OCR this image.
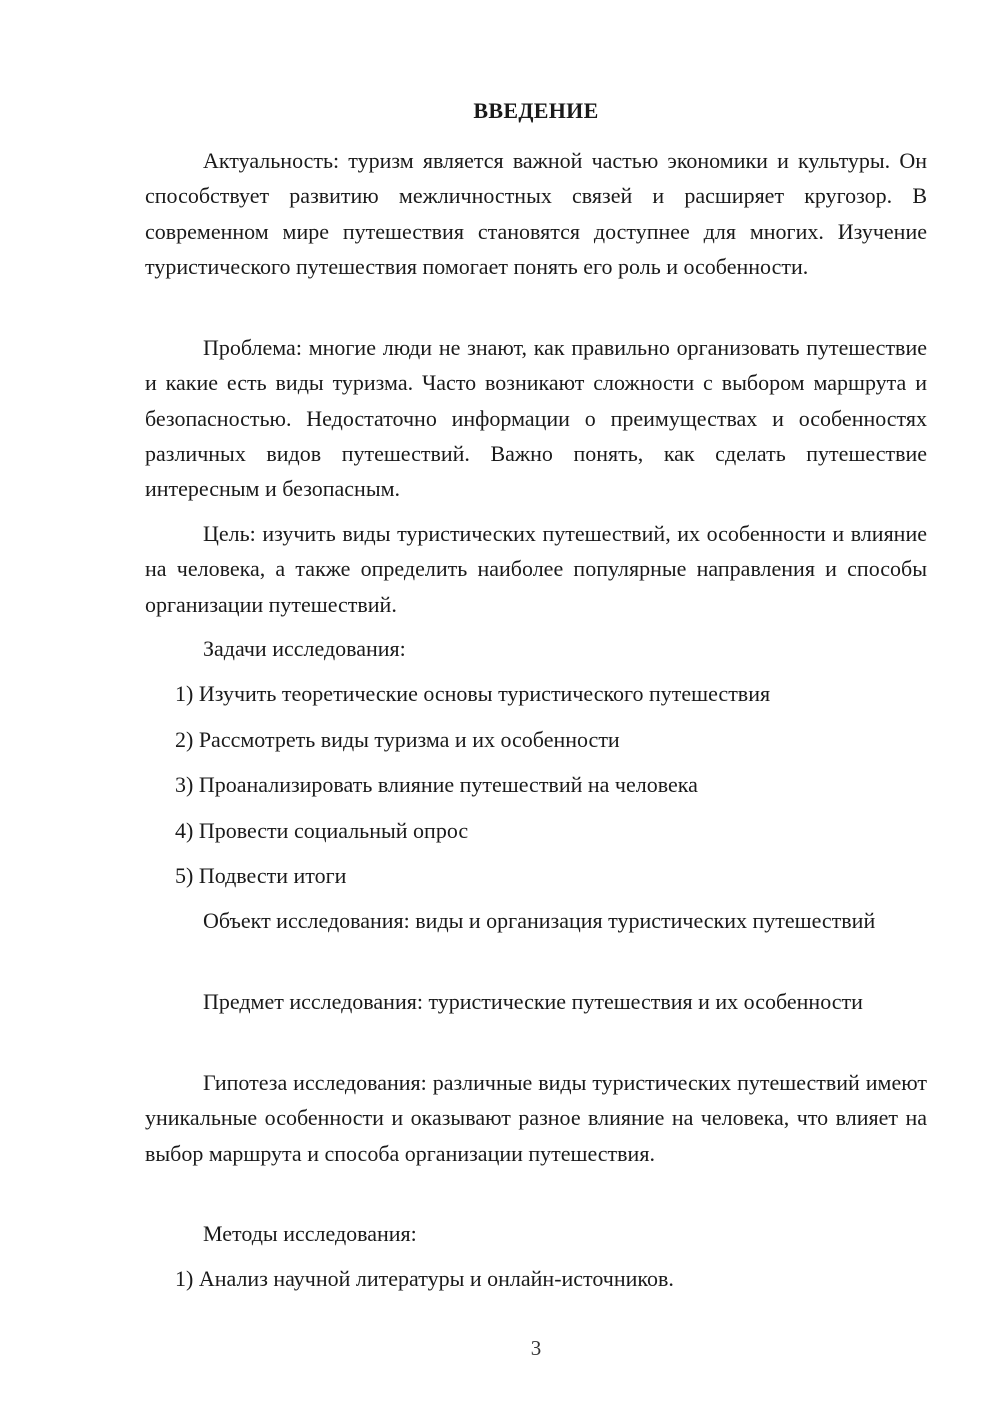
ВВЕДЕНИЕ

Актуальность: туризм является важной частью экономики и культуры. Он способствует развитию межличностных связей и расширяет кругозор. В современном мире путешествия становятся доступнее для многих. Изучение туристического путешествия помогает понять его роль и особенности.

Проблема: многие люди не знают, как правильно организовать путешествие и какие есть виды туризма. Часто возникают сложности с выбором маршрута и безопасностью. Недостаточно информации о преимуществах и особенностях различных видов путешествий. Важно понять, как сделать путешествие интересным и безопасным.

Цель: изучить виды туристических путешествий, их особенности и влияние на человека, а также определить наиболее популярные направления и способы организации путешествий.

Задачи исследования:

1) Изучить теоретические основы туристического путешествия

2) Рассмотреть виды туризма и их особенности

3) Проанализировать влияние путешествий на человека

4) Провести социальный опрос

5) Подвести итоги

Объект исследования: виды и организация туристических путешествий

Предмет исследования: туристические путешествия и их особенности

Гипотеза исследования: различные виды туристических путешествий имеют уникальные особенности и оказывают разное влияние на человека, что влияет на выбор маршрута и способа организации путешествия.

Методы исследования:

1) Анализ научной литературы и онлайн-источников.

3
